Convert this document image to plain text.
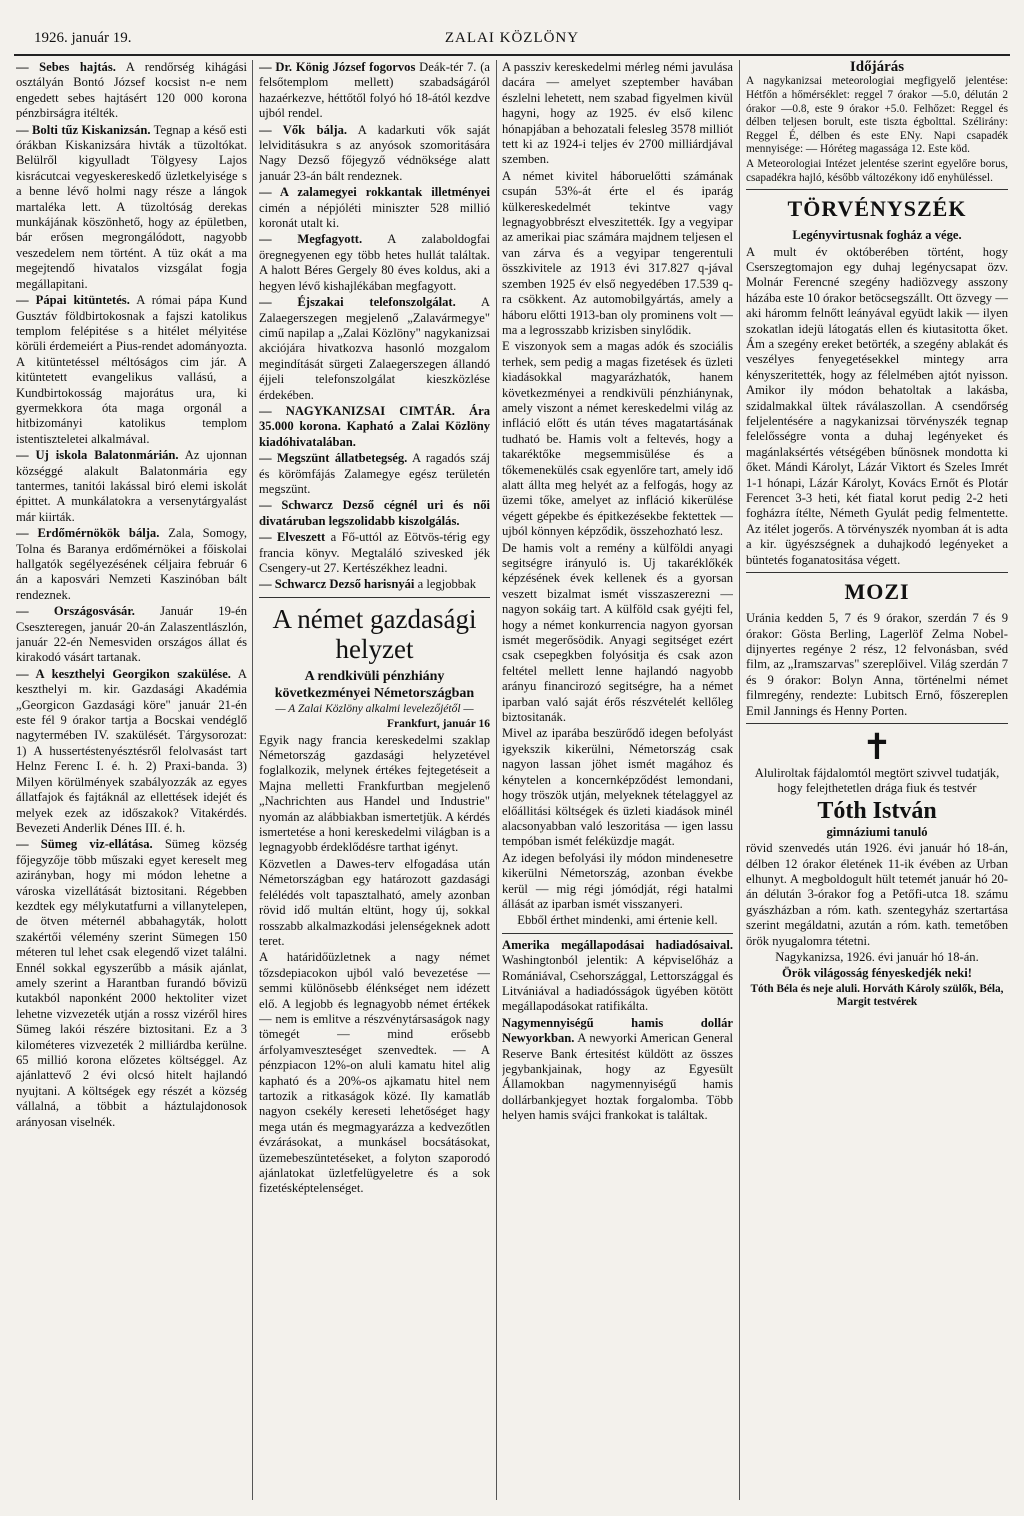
1926. január 19.	ZALAI KÖZLÖNY

— Sebes hajtás. A rendőrség kihágási osztályán Bontó József kocsist n-e nem engedett sebes hajtásért 120 000 korona pénzbirságra itélték.

— Bolti tűz Kiskanizsán. Tegnap a késő esti órákban Kiskanizsára hivták a tüzoltókat. Belülről kigyulladt Tölgyesy Lajos kisrácutcai vegyeskereskedő üzletkelyisége s a benne lévő holmi nagy része a lángok martaléka lett. A tüzoltóság derekas munkájának köszönhető, hogy az épületben, bár erősen megrongálódott, nagyobb veszedelem nem történt. A tüz okát a ma megejtendő hivatalos vizsgálat fogja megállapitani.

— Pápai kitüntetés. A római pápa Kund Gusztáv földbirtokosnak a fajszi katolikus templom felépitése s a hitélet mélyitése körüli érdemeiért a Pius-rendet adományozta. A kitüntetéssel méltóságos cim jár. A kitüntetett evangelikus vallású, a Kundbirtokosság majorátus ura, ki gyermekkora óta maga orgonál a hitbizományi katolikus templom istentiszteletei alkalmával.

— Uj iskola Balatonmárián. Az ujonnan községgé alakult Balatonmária egy tantermes, tanitói lakással biró elemi iskolát épittet. A munkálatokra a versenytárgyalást már kiirták.

— Erdőmérnökök bálja. Zala, Somogy, Tolna és Baranya erdőmérnökei a főiskolai hallgatók segélyezésének céljaira február 6 án a kaposvári Nemzeti Kaszinóban bált rendeznek.

— Országosvásár. Január 19-én Cseszteregen, január 20-án Zalaszentlászlón, január 22-én Nemesviden országos állat és kirakodó vásárt tartanak.

— A keszthelyi Georgikon szakülése. A keszthelyi m. kir. Gazdasági Akadémia „Georgicon Gazdasági köre" január 21-én este fél 9 órakor tartja a Bocskai vendéglő nagytermében IV. szakülését. Tárgysorozat: 1) A hussertéstenyésztésről felolvasást tart Helnz Ferenc I. é. h. 2) Praxi-banda. 3) Milyen körülmények szabályozzák az egyes állatfajok és fajtáknál az ellettések idejét és melyek ezek az időszakok? Vitakérdés. Bevezeti Anderlik Dénes III. é. h.

— Sümeg viz-ellátása. Sümeg község főjegyzője több műszaki egyet kereselt meg azirányban, hogy mi módon lehetne a városka vizellátását biztositani. Régebben kezdtek egy mélykutatfurni a villanytelepen, de ötven méternél abbahagyták, holott szakértői vélemény szerint Sümegen 150 méteren tul lehet csak elegendő vizet találni. Ennél sokkal egyszerűbb a másik ajánlat, amely szerint a Harantban furandó bővizü kutakból naponként 2000 hektoliter vizet lehetne vizvezeték utján a rossz vizéről hires Sümeg lakói részére biztositani. Ez a 3 kilométeres vizvezeték 2 milliárdba kerülne. 65 millió korona előzetes költséggel. Az ajánlattevő 2 évi olcsó hitelt hajlandó nyujtani. A költségek egy részét a község vállalná, a többit a háztulajdonosok arányosan viselnék.

— Dr. König József fogorvos Deák-tér 7. (a felsőtemplom mellett) szabadságáról hazaérkezve, héttőtől folyó hó 18-ától kezdve ujból rendel.

— Vők bálja. A kadarkuti vők saját lelviditásukra s az anyósok szomoritására Nagy Dezső főjegyző védnöksége alatt január 23-án bált rendeznek.

— A zalamegyei rokkantak illetményei cimén a népjóléti miniszter 528 millió koronát utalt ki.

— Megfagyott. A zalaboldogfai öregnegyenen egy több hetes hullát találtak. A halott Béres Gergely 80 éves koldus, aki a hegyen lévő kishajlékában megfagyott.

— Éjszakai telefonszolgálat. A Zalaegerszegen megjelenő „Zalavármegye" cimű napilap a „Zalai Közlöny" nagykanizsai akciójára hivatkozva hasonló mozgalom megindítását sürgeti Zalaegerszegen állandó éjjeli telefonszolgálat kieszközlése érdekében.

— NAGYKANIZSAI CIMTÁR. Ára 35.000 korona. Kapható a Zalai Közlöny kiadóhivatalában.

— Megszünt állatbetegség. A ragadós száj és körömfájás Zalamegye egész területén megszünt.

— Schwarcz Dezső cégnél uri és női divatáruban legszolidabb kiszolgálás.

— Elveszett a Fő-uttól az Eötvös-térig egy francia könyv. Megtaláló szivesked jék Csengery-ut 27. Kertészékhez leadni.

— Schwarcz Dezső harisnyái a legjobbak

A német gazdasági helyzet
A rendkivüli pénzhiány következményei Németországban
— A Zalai Közlöny alkalmi levelezőjétől —
Frankfurt, január 16

Egyik nagy francia kereskedelmi szaklap Németország gazdasági helyzetével foglalkozik, melynek értékes fejtegetéseit a Majna melletti Frankfurtban megjelenő „Nachrichten aus Handel und Industrie" nyomán az alábbiakban ismertetjük. A kérdés ismertetése a honi kereskedelmi világban is a legnagyobb érdeklődésre tarthat igényt.

Közvetlen a Dawes-terv elfogadása után Németországban egy határozott gazdasági felélédés volt tapasztalható, amely azonban rövid idő multán eltünt, hogy új, sokkal rosszabb alkalmazkodási jelenségeknek adott teret.

A határidőüzletnek a nagy német tőzsdepiacokon ujból való bevezetése — semmi különösebb élénkséget nem idézett elő. A legjobb és legnagyobb német értékek — nem is emlitve a részvénytársaságok nagy tömegét — mind erősebb árfolyamveszteséget szenvedtek. — A pénzpiacon 12%-on aluli kamatu hitel alig kapható és a 20%-os ajkamatu hitel nem tartozik a ritkaságok közé. Ily kamatláb nagyon csekély kereseti lehetőséget hagy mega után és megmagyarázza a kedvezőtlen évzárásokat, a munkásel bocsátásokat, üzemebeszüntetéseket, a folyton szaporodó ajánlatokat üzletfelügyeletre és a sok fizetésképtelenséget.

A passziv kereskedelmi mérleg némi javulása dacára — amelyet szeptember havában észlelni lehetett, nem szabad figyelmen kivül hagyni, hogy az 1925. év első kilenc hónapjában a behozatali felesleg 3578 milliót tett ki az 1924-i teljes év 2700 milliárdjával szemben.

A német kivitel háboruelőtti számának csupán 53%-át érte el és iparág külkereskedelmét tekintve vagy legnagyobbrészt elveszitették. Igy a vegyipar az amerikai piac számára majdnem teljesen el van zárva és a vegyipar tengerentuli összkivitele az 1913 évi 317.827 q-jával szemben 1925 év első negyedében 17.539 q-ra csökkent. Az automobilgyártás, amely a háboru előtti 1913-ban oly prominens volt — ma a legrosszabb krizisben sinylődik.

E viszonyok sem a magas adók és szociális terhek, sem pedig a magas fizetések és üzleti kiadásokkal magyarázhatók, hanem következményei a rendkivüli pénzhiánynak, amely viszont a német kereskedelmi világ az infláció előtt és után téves magatartásának tudható be. Hamis volt a feltevés, hogy a takaréktőke megsemmisülése és a tőkemenekülés csak egyenlőre tart, amely idő alatt állta meg helyét az a felfogás, hogy az üzemi tőke, amelyet az infláció kikerülése végett gépekbe és épitkezésekbe fektettek — ujból könnyen képződik, összehozható lesz.

De hamis volt a remény a külföldi anyagi segitségre irányuló is. Uj takaréklőkék képzésének évek kellenek és a gyorsan veszett bizalmat ismét visszaszerezni — nagyon sokáig tart. A külföld csak gyéjti fel, hogy a német konkurrencia nagyon gyorsan ismét megerősödik. Anyagi segitséget ezért csak csepegkben folyósitja és csak azon feltétel mellett lenne hajlandó nagyobb arányu financirozó segitségre, ha a német iparban való saját érős részvételét kellőleg biztositanák.

Mivel az iparába beszürődő idegen befolyást igyekszik kikerülni, Németország csak nagyon lassan jöhet ismét magához és kénytelen a koncernképződést lemondani, hogy tröszök utján, melyeknek tételaggyel az előállitási költségek és üzleti kiadások minél alacsonyabban való leszoritása — igen lassu tempóban ismét feléküzdje magát.

Az idegen befolyási ily módon mindenesetre kikerülni Németország, azonban évekbe kerül — mig régi jómódját, régi hatalmi állását az iparban ismét visszanyeri.

Ebből érthet mindenki, ami értenie kell.

Amerika megállapodásai hadiadósaival. Washingtonból jelentik: A képviselőház a Romániával, Csehországgal, Lettországgal és Litvániával a hadiadósságok ügyében kötött megállapodásokat ratifikálta.

Nagymennyiségű hamis dollár Newyorkban. A newyorki American General Reserve Bank értesitést küldött az összes jegybankjainak, hogy az Egyesült Államokban nagymennyiségű hamis dollárbankjegyet hoztak forgalomba. Több helyen hamis svájci frankokat is találtak.

Időjárás

A nagykanizsai meteorologiai megfigyelő jelentése: Hétfőn a hőmérséklet: reggel 7 órakor —5.0, délután 2 órakor —0.8, este 9 órakor +5.0. Felhőzet: Reggel és délben teljesen borult, este tiszta égbolttal. Szélirány: Reggel É, délben és este ENy. Napi csapadék mennyisége: — Hóréteg magassága 12. Este köd.

A Meteorologiai Intézet jelentése szerint egyelőre borus, csapadékra hajló, később változékony idő enyhüléssel.

TÖRVÉNYSZÉK

Legényvirtusnak fogház a vége.

A mult év októberében történt, hogy Cserszegtomajon egy duhaj legénycsapat özv. Molnár Ferencné szegény hadiözvegy asszony házába este 10 órakor betöcsegszállt. Ott özvegy — aki háromm felnőtt leányával együdt lakik — ilyen szokatlan idejü látogatás ellen és kiutasitotta őket. Ám a szegény ereket betörték, a szegény ablakát és veszélyes fenyegetésekkel mintegy arra kényszeritették, hogy az félelmében ajtót nyisson. Amikor ily módon behatoltak a lakásba, szidalmakkal ültek ráválaszollan. A csendőrség feljelentésére a nagykanizsai törvényszék tegnap felelősségre vonta a duhaj legényeket és magánlaksértés vétségében bűnösnek mondotta ki őket. Mándi Károlyt, Lázár Viktort és Szeles Imrét 1-1 hónapi, Lázár Károlyt, Kovács Ernőt és Plotár Ferencet 3-3 heti, két fiatal korut pedig 2-2 heti fogházra ítélte, Németh Gyulát pedig felmentette. Az itélet jogerős. A törvényszék nyomban át is adta a kir. ügyészségnek a duhajkodó legényeket a büntetés foganatositása végett.

MOZI

Uránia kedden 5, 7 és 9 órakor, szerdán 7 és 9 órakor: Gösta Berling, Lagerlöf Zelma Nobel-dijnyertes regénye 2 rész, 12 felvonásban, svéd film, az „Iramszarvas" szereplőivel. Világ szerdán 7 és 9 órakor: Bolyn Anna, történelmi német filmregény, rendezte: Lubitsch Ernő, főszereplen Emil Jannings és Henny Porten.

✝

Aluliroltak fájdalomtól megtört szivvel tudatják, hogy felejthetetlen drága fiuk és testvér

Tóth István

gimnáziumi tanuló

rövid szenvedés után 1926. évi január hó 18-án, délben 12 órakor életének 11-ik évében az Urban elhunyt. A megboldogult hült tetemét január hó 20-án délután 3-órakor fog a Petőfi-utca 18. számu gyászházban a róm. kath. szentegyház szertartása szerint megáldatni, azután a róm. kath. temetőben örök nyugalomra tétetni.

Nagykanizsa, 1926. évi január hó 18-án.

Örök világosság fényeskedjék neki!

Tóth Béla és neje aluli. Horváth Károly szülők, Béla, Margit testvérek
